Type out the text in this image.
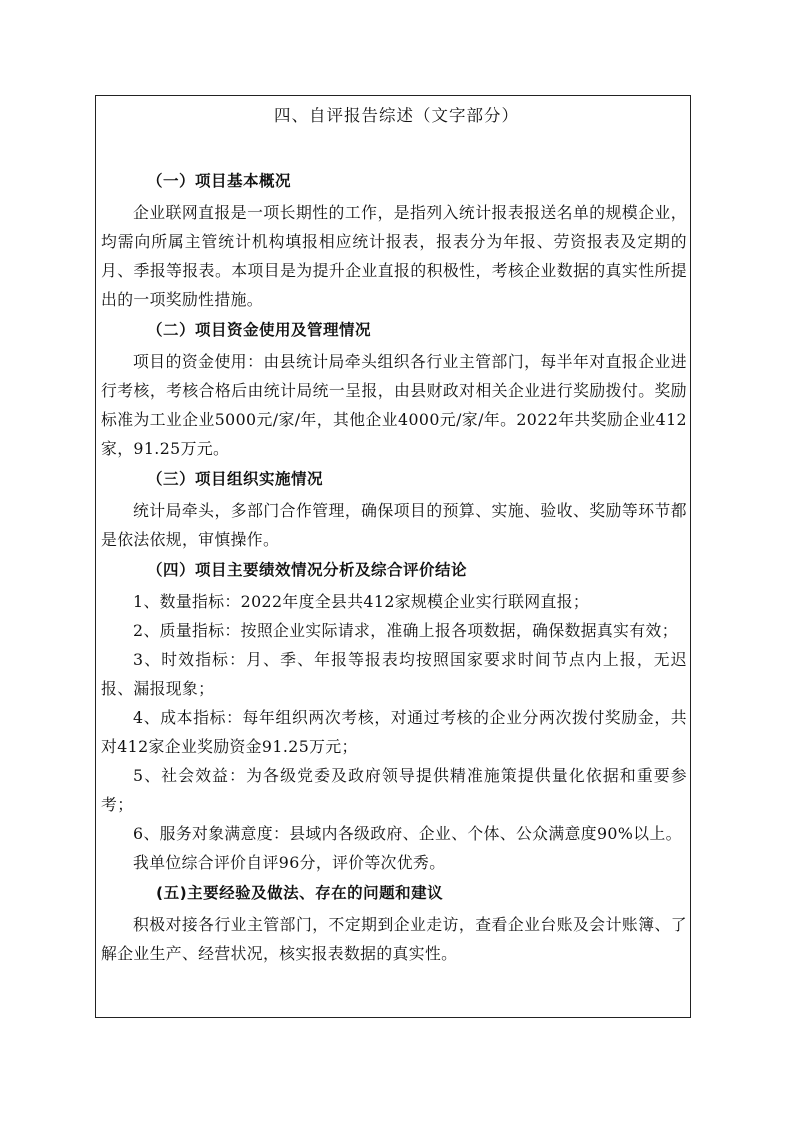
四、自评报告综述（文字部分）
（一）项目基本概况

企业联网直报是一项长期性的工作，是指列入统计报表报送名单的规模企业，均需向所属主管统计机构填报相应统计报表，报表分为年报、劳资报表及定期的月、季报等报表。本项目是为提升企业直报的积极性，考核企业数据的真实性所提出的一项奖励性措施。

（二）项目资金使用及管理情况

项目的资金使用：由县统计局牵头组织各行业主管部门，每半年对直报企业进行考核，考核合格后由统计局统一呈报，由县财政对相关企业进行奖励拨付。奖励标准为工业企业5000元/家/年，其他企业4000元/家/年。2022年共奖励企业412家，91.25万元。

（三）项目组织实施情况

统计局牵头，多部门合作管理，确保项目的预算、实施、验收、奖励等环节都是依法依规，审慎操作。

（四）项目主要绩效情况分析及综合评价结论

1、数量指标：2022年度全县共412家规模企业实行联网直报；

2、质量指标：按照企业实际请求，准确上报各项数据，确保数据真实有效；

3、时效指标：月、季、年报等报表均按照国家要求时间节点内上报，无迟报、漏报现象；

4、成本指标：每年组织两次考核，对通过考核的企业分两次拨付奖励金，共对412家企业奖励资金91.25万元；

5、社会效益：为各级党委及政府领导提供精准施策提供量化依据和重要参考；

6、服务对象满意度：县域内各级政府、企业、个体、公众满意度90%以上。

我单位综合评价自评96分，评价等次优秀。

(五)主要经验及做法、存在的问题和建议

积极对接各行业主管部门，不定期到企业走访，查看企业台账及会计账簿、了解企业生产、经营状况，核实报表数据的真实性。
